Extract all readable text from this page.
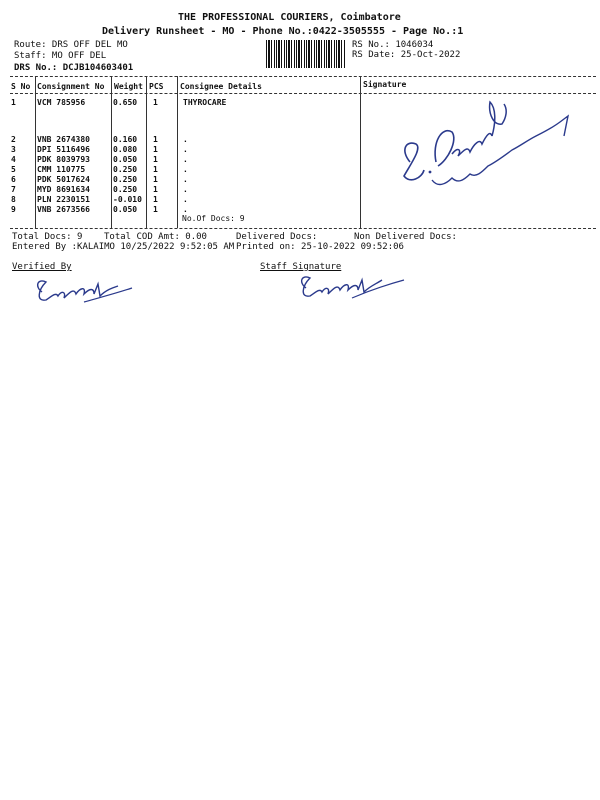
THE PROFESSIONAL COURIERS, Coimbatore
Delivery Runsheet - MO - Phone No.:0422-3505555 - Page No.:1
Route: DRS OFF DEL MO
Staff: MO OFF DEL
DRS No.: DCJB104603401
RS No.: 1046034
RS Date: 25-Oct-2022
S No Consignment No Weight PCS Consignee Details	Signature
1	VCM 785956	0.650 1	THYROCARE
2	VNB 2674380	0.160 1	.
3	DPI 5116496	0.080 1	.
4	PDK 8039793	0.050 1	.
5	CMM 110775	0.250 1	.
6	PDK 5017624	0.250 1	.
7	MYD 8691634	0.250 1	.
8	PLN 2230151	-0.010 1	.
9	VNB 2673566	0.050 1	.
No.Of Docs: 9
Total Docs: 9 Total COD Amt: 0.00	Delivered Docs:	Non Delivered Docs:
Entered By :KALAIMO 10/25/2022 9:52:05 AM Printed on: 25-10-2022 09:52:06
Verified By	Staff Signature
Cyodhir
Cyodhir
